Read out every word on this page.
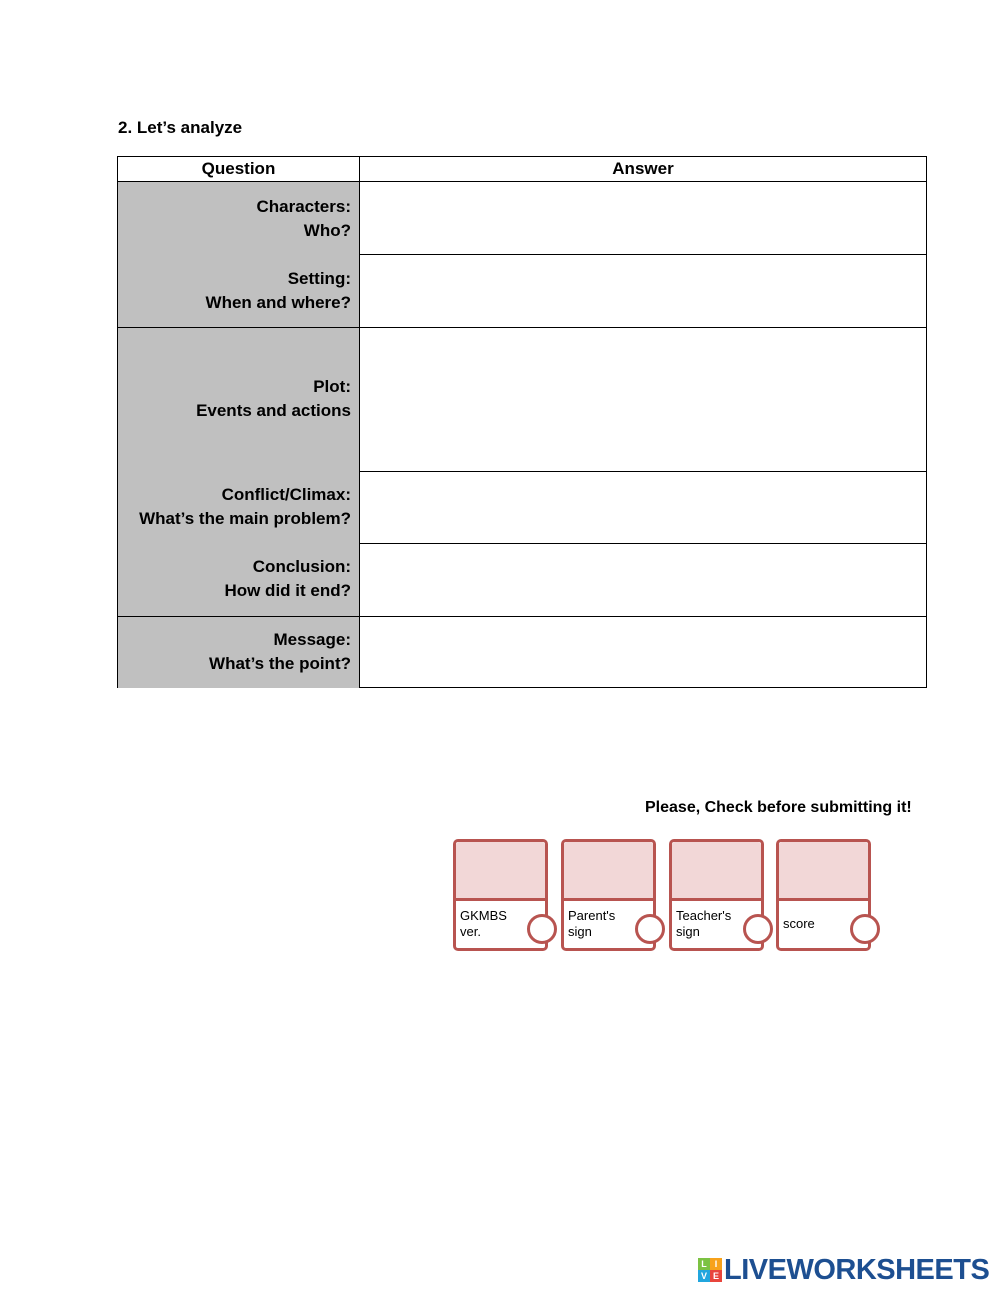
2. Let’s analyze
Question	Answer
Characters:
Who?
Setting:
When and where?
Plot:
Events and actions
Conflict/Climax:
What’s the main problem?
Conclusion:
How did it end?
Message:
What’s the point?
Please, Check before submitting it!
GKMBS
ver.
Parent's
sign
Teacher's
sign
score
L I
V E LIVEWORKSHEETS
